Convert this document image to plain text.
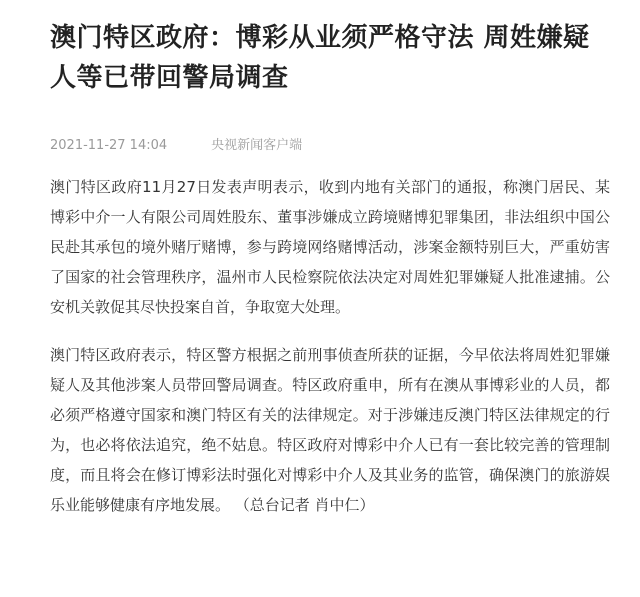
澳门特区政府：博彩从业须严格守法 周姓嫌疑人等已带回警局调查
2021-11-27 14:04	央视新闻客户端

澳门特区政府11月27日发表声明表示，收到内地有关部门的通报，称澳门居民、某博彩中介一人有限公司周姓股东、董事涉嫌成立跨境赌博犯罪集团，非法组织中国公民赴其承包的境外赌厅赌博，参与跨境网络赌博活动，涉案金额特别巨大，严重妨害了国家的社会管理秩序，温州市人民检察院依法决定对周姓犯罪嫌疑人批准逮捕。公安机关敦促其尽快投案自首，争取宽大处理。

澳门特区政府表示，特区警方根据之前刑事侦查所获的证据，今早依法将周姓犯罪嫌疑人及其他涉案人员带回警局调查。特区政府重申，所有在澳从事博彩业的人员，都必须严格遵守国家和澳门特区有关的法律规定。对于涉嫌违反澳门特区法律规定的行为，也必将依法追究，绝不姑息。特区政府对博彩中介人已有一套比较完善的管理制度，而且将会在修订博彩法时强化对博彩中介人及其业务的监管，确保澳门的旅游娱乐业能够健康有序地发展。 （总台记者 肖中仁）
